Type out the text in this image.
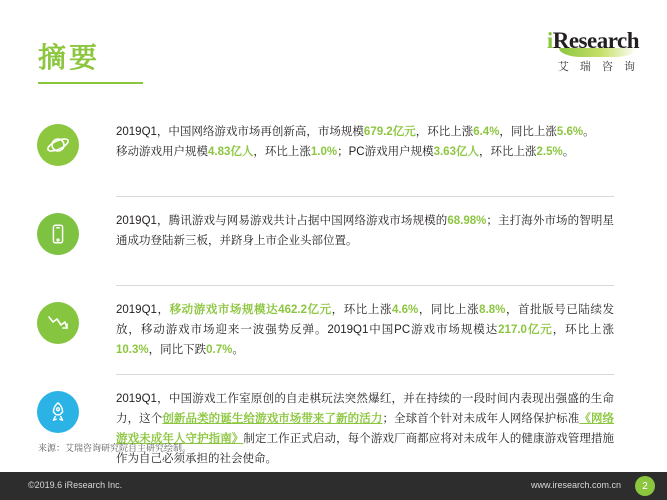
摘要
iResearch
艾 瑞 咨 询
2019Q1，中国网络游戏市场再创新高，市场规模679.2亿元，环比上涨6.4%，同比上涨5.6%。
移动游戏用户规模4.83亿人，环比上涨1.0%；PC游戏用户规模3.63亿人，环比上涨2.5%。
2019Q1，腾讯游戏与网易游戏共计占据中国网络游戏市场规模的68.98%；主打海外市场的智明星通成功登陆新三板，并跻身上市企业头部位置。
2019Q1，移动游戏市场规模达462.2亿元，环比上涨4.6%，同比上涨8.8%，首批版号已陆续发放，移动游戏市场迎来一波强势反弹。2019Q1中国PC游戏市场规模达217.0亿元，环比上涨10.3%，同比下跌0.7%。
2019Q1，中国游戏工作室原创的自走棋玩法突然爆红，并在持续的一段时间内表现出强盛的生命力，这个创新品类的诞生给游戏市场带来了新的活力；全球首个针对未成年人网络保护标准《网络游戏未成年人守护指南》制定工作正式启动，每个游戏厂商都应将对未成年人的健康游戏管理措施作为自己必须承担的社会使命。
来源：艾瑞咨询研究院自主研究绘制。
©2019.6 iResearch Inc.	www.iresearch.com.cn	2
